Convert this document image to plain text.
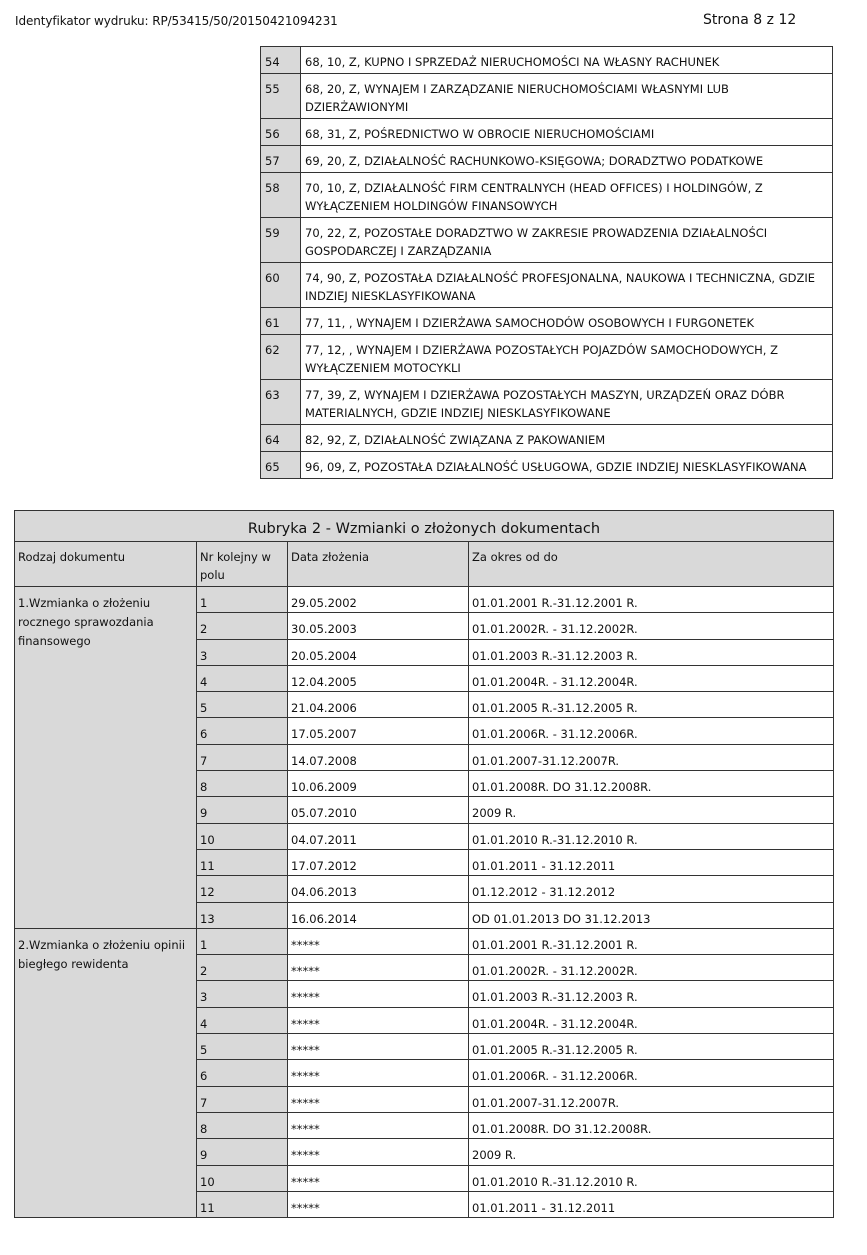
Identyfikator wydruku: RP/53415/50/20150421094231	Strona 8 z 12
54	68, 10, Z, KUPNO I SPRZEDAŻ NIERUCHOMOŚCI NA WŁASNY RACHUNEK
55	68, 20, Z, WYNAJEM I ZARZĄDZANIE NIERUCHOMOŚCIAMI WŁASNYMI LUB DZIERŻAWIONYMI
56	68, 31, Z, POŚREDNICTWO W OBROCIE NIERUCHOMOŚCIAMI
57	69, 20, Z, DZIAŁALNOŚĆ RACHUNKOWO-KSIĘGOWA; DORADZTWO PODATKOWE
58	70, 10, Z, DZIAŁALNOŚĆ FIRM CENTRALNYCH (HEAD OFFICES) I HOLDINGÓW, Z WYŁĄCZENIEM HOLDINGÓW FINANSOWYCH
59	70, 22, Z, POZOSTAŁE DORADZTWO W ZAKRESIE PROWADZENIA DZIAŁALNOŚCI GOSPODARCZEJ I ZARZĄDZANIA
60	74, 90, Z, POZOSTAŁA DZIAŁALNOŚĆ PROFESJONALNA, NAUKOWA I TECHNICZNA, GDZIE INDZIEJ NIESKLASYFIKOWANA
61	77, 11, , WYNAJEM I DZIERŻAWA SAMOCHODÓW OSOBOWYCH I FURGONETEK
62	77, 12, , WYNAJEM I DZIERŻAWA POZOSTAŁYCH POJAZDÓW SAMOCHODOWYCH, Z WYŁĄCZENIEM MOTOCYKLI
63	77, 39, Z, WYNAJEM I DZIERŻAWA POZOSTAŁYCH MASZYN, URZĄDZEŃ ORAZ DÓBR MATERIALNYCH, GDZIE INDZIEJ NIESKLASYFIKOWANE
64	82, 92, Z, DZIAŁALNOŚĆ ZWIĄZANA Z PAKOWANIEM
65	96, 09, Z, POZOSTAŁA DZIAŁALNOŚĆ USŁUGOWA, GDZIE INDZIEJ NIESKLASYFIKOWANA
Rubryka 2 - Wzmianki o złożonych dokumentach			
Rodzaj dokumentu	Nr kolejny w polu	Data złożenia	Za okres od do
1.Wzmianka o złożeniu rocznego sprawozdania finansowego	1	29.05.2002	01.01.2001 R.-31.12.2001 R.
	2	30.05.2003	01.01.2002R. - 31.12.2002R.
	3	20.05.2004	01.01.2003 R.-31.12.2003 R.
	4	12.04.2005	01.01.2004R. - 31.12.2004R.
	5	21.04.2006	01.01.2005 R.-31.12.2005 R.
	6	17.05.2007	01.01.2006R. - 31.12.2006R.
	7	14.07.2008	01.01.2007-31.12.2007R.
	8	10.06.2009	01.01.2008R. DO 31.12.2008R.
	9	05.07.2010	2009 R.
	10	04.07.2011	01.01.2010 R.-31.12.2010 R.
	11	17.07.2012	01.01.2011 - 31.12.2011
	12	04.06.2013	01.12.2012 - 31.12.2012
	13	16.06.2014	OD 01.01.2013 DO 31.12.2013
2.Wzmianka o złożeniu opinii biegłego rewidenta	1	*****	01.01.2001 R.-31.12.2001 R.
	2	*****	01.01.2002R. - 31.12.2002R.
	3	*****	01.01.2003 R.-31.12.2003 R.
	4	*****	01.01.2004R. - 31.12.2004R.
	5	*****	01.01.2005 R.-31.12.2005 R.
	6	*****	01.01.2006R. - 31.12.2006R.
	7	*****	01.01.2007-31.12.2007R.
	8	*****	01.01.2008R. DO 31.12.2008R.
	9	*****	2009 R.
	10	*****	01.01.2010 R.-31.12.2010 R.
	11	*****	01.01.2011 - 31.12.2011
